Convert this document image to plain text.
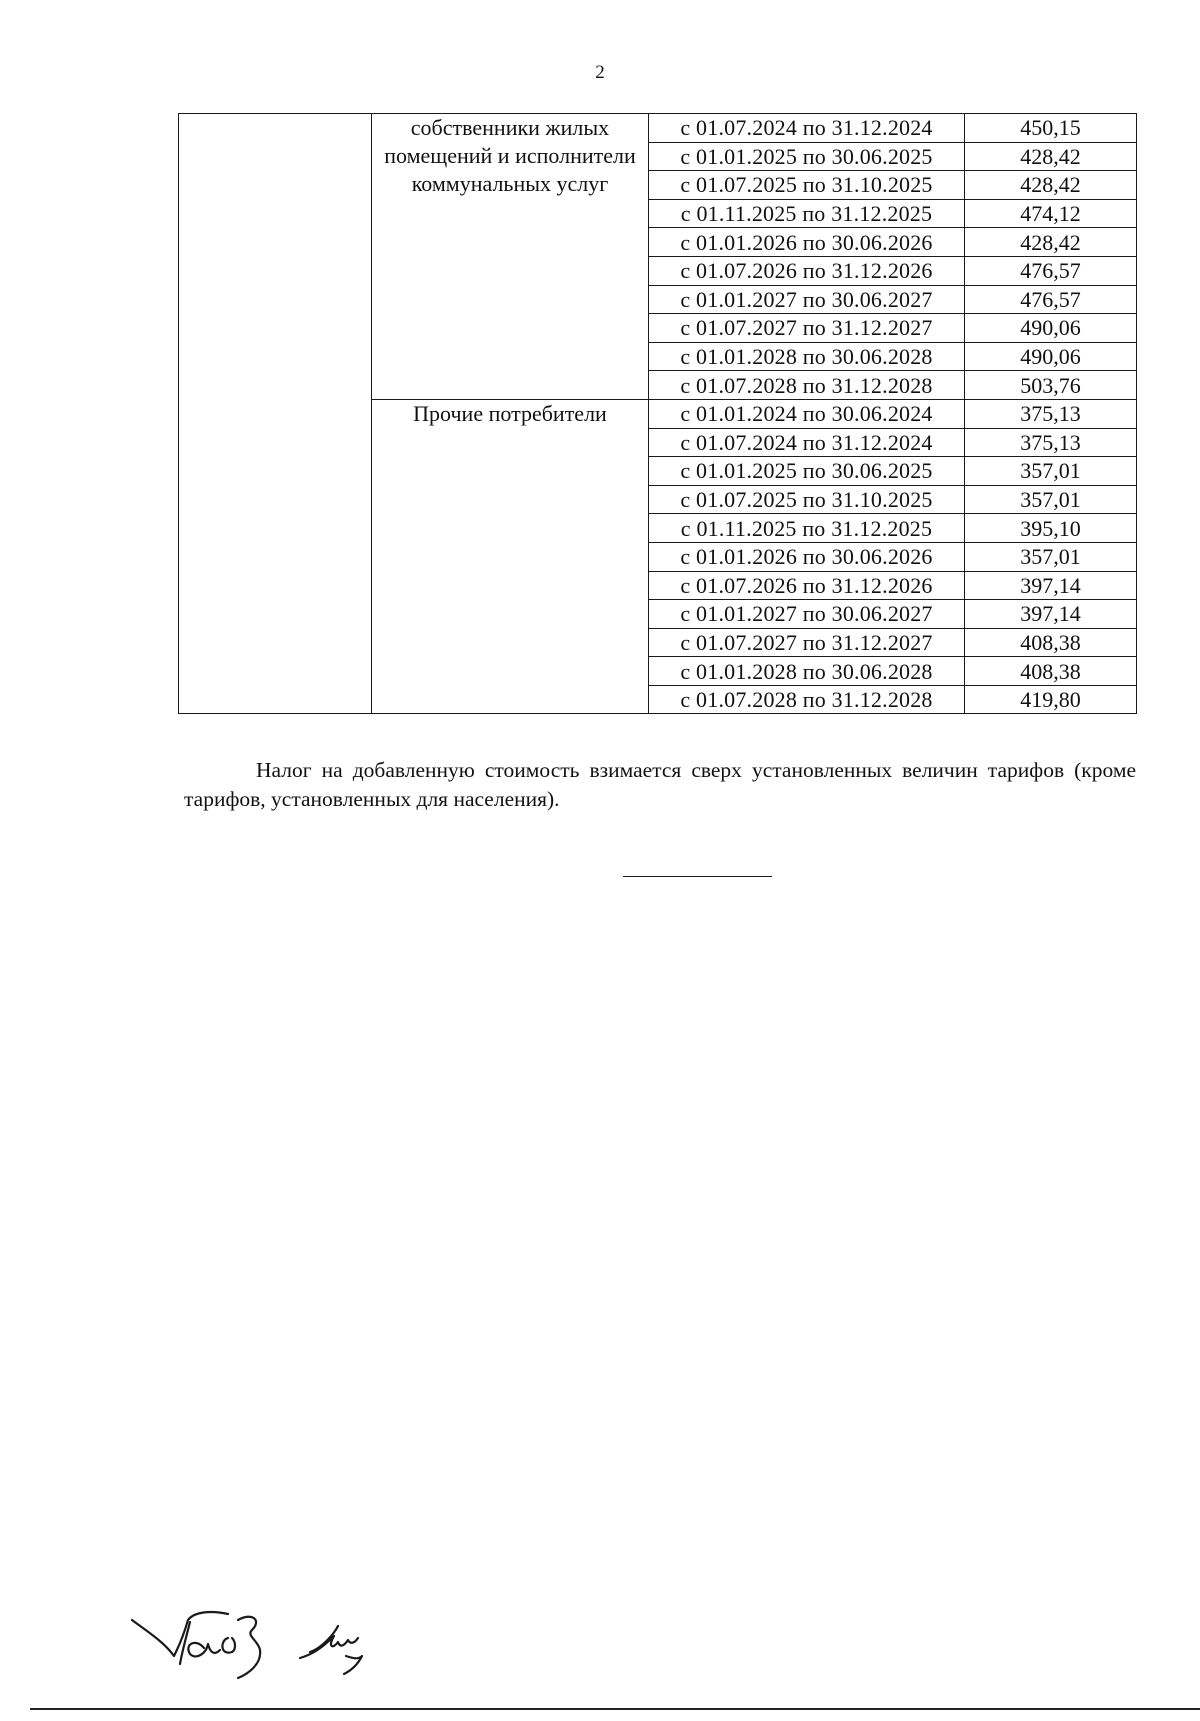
2
	собственники жилых помещений и исполнители коммунальных услуг	с 01.07.2024 по 31.12.2024	450,15
		с 01.01.2025 по 30.06.2025	428,42
		с 01.07.2025 по 31.10.2025	428,42
		с 01.11.2025 по 31.12.2025	474,12
		с 01.01.2026 по 30.06.2026	428,42
		с 01.07.2026 по 31.12.2026	476,57
		с 01.01.2027 по 30.06.2027	476,57
		с 01.07.2027 по 31.12.2027	490,06
		с 01.01.2028 по 30.06.2028	490,06
		с 01.07.2028 по 31.12.2028	503,76
	Прочие потребители	с 01.01.2024 по 30.06.2024	375,13
		с 01.07.2024 по 31.12.2024	375,13
		с 01.01.2025 по 30.06.2025	357,01
		с 01.07.2025 по 31.10.2025	357,01
		с 01.11.2025 по 31.12.2025	395,10
		с 01.01.2026 по 30.06.2026	357,01
		с 01.07.2026 по 31.12.2026	397,14
		с 01.01.2027 по 30.06.2027	397,14
		с 01.07.2027 по 31.12.2027	408,38
		с 01.01.2028 по 30.06.2028	408,38
		с 01.07.2028 по 31.12.2028	419,80

Налог на добавленную стоимость взимается сверх установленных величин тарифов (кроме тарифов, установленных для населения).
